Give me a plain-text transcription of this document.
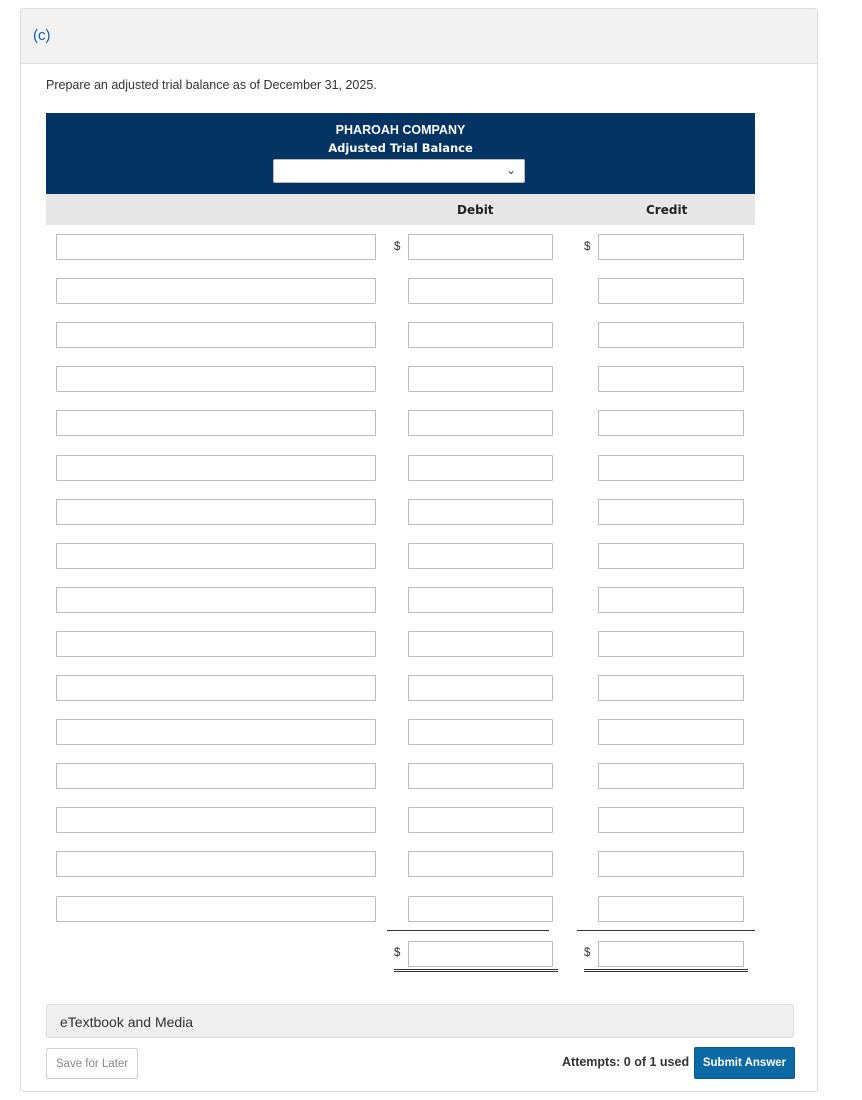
(c)
Prepare an adjusted trial balance as of December 31, 2025.
PHAROAH COMPANY
Adjusted Trial Balance
⌄
Debit	Credit
$	$
$	$
eTextbook and Media
Save for Later	Attempts: 0 of 1 used	Submit Answer
